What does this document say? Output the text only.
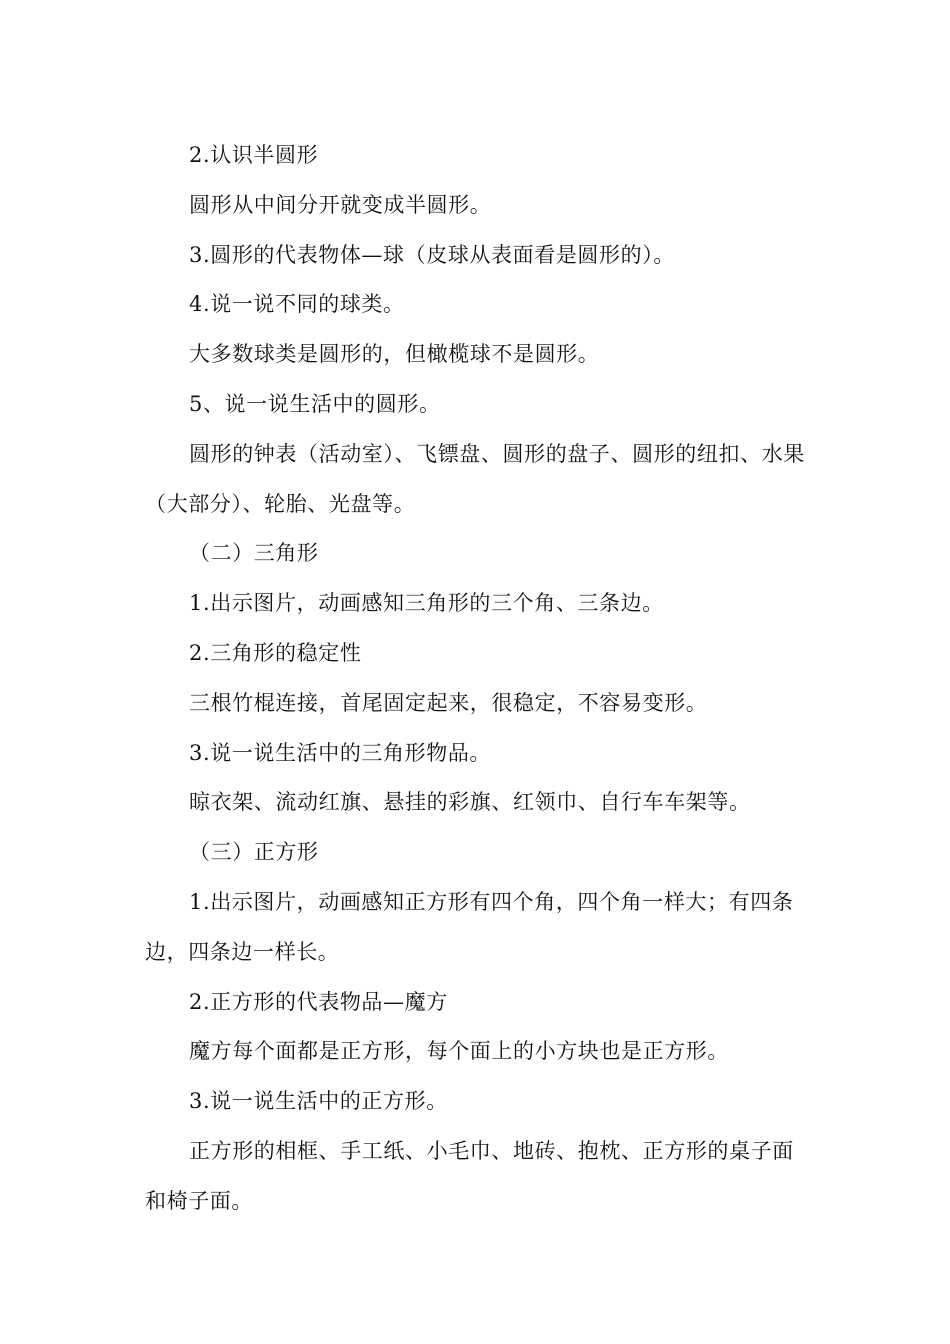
2.认识半圆形

圆形从中间分开就变成半圆形。

3.圆形的代表物体—球（皮球从表面看是圆形的）。

4.说一说不同的球类。

大多数球类是圆形的，但橄榄球不是圆形。

5、说一说生活中的圆形。

圆形的钟表（活动室）、飞镖盘、圆形的盘子、圆形的纽扣、水果（大部分）、轮胎、光盘等。

（二）三角形

1.出示图片，动画感知三角形的三个角、三条边。

2.三角形的稳定性

三根竹棍连接，首尾固定起来，很稳定，不容易变形。

3.说一说生活中的三角形物品。

晾衣架、流动红旗、悬挂的彩旗、红领巾、自行车车架等。

（三）正方形

1.出示图片，动画感知正方形有四个角，四个角一样大；有四条边，四条边一样长。

2.正方形的代表物品—魔方

魔方每个面都是正方形，每个面上的小方块也是正方形。

3.说一说生活中的正方形。

正方形的相框、手工纸、小毛巾、地砖、抱枕、正方形的桌子面和椅子面。
